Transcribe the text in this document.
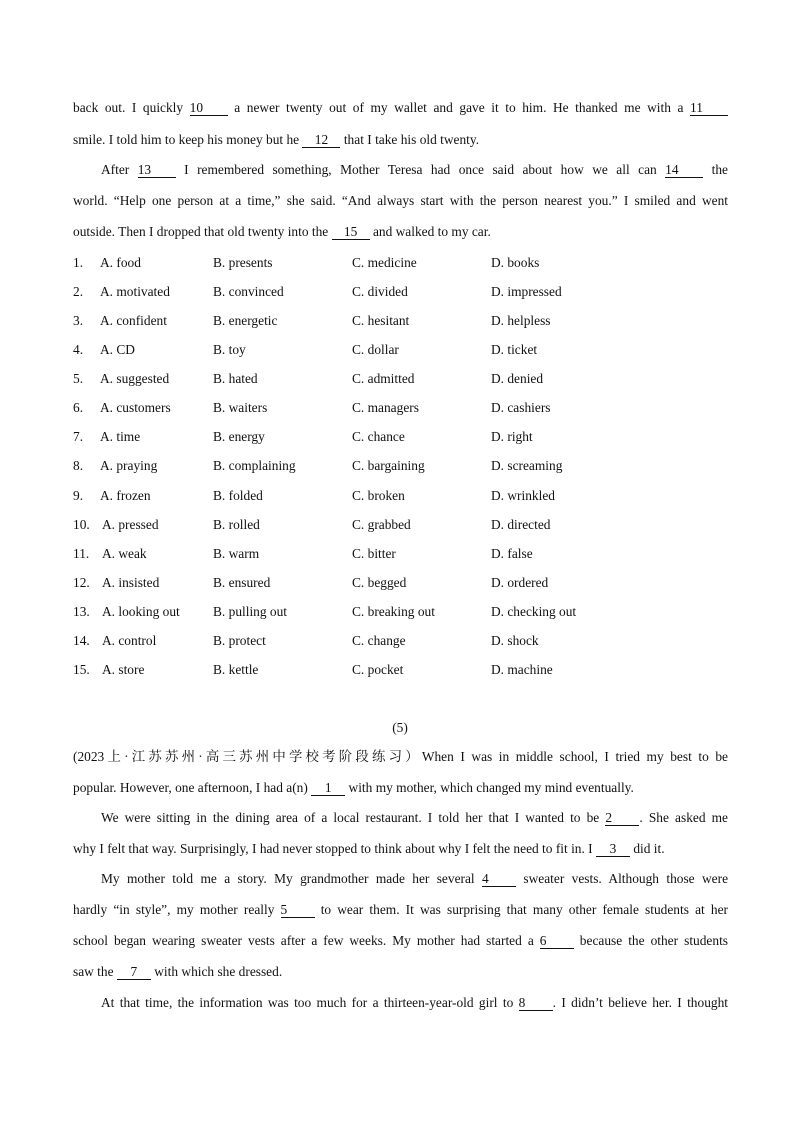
back out. I quickly 10 a newer twenty out of my wallet and gave it to him. He thanked me with a 11
smile. I told him to keep his money but he 12 that I take his old twenty.
After 13 I remembered something, Mother Teresa had once said about how we all can 14 the
world. “Help one person at a time,” she said. “And always start with the person nearest you.” I smiled and went
outside. Then I dropped that old twenty into the 15 and walked to my car.
1. A. food	B. presents	C. medicine	D. books
2. A. motivated	B. convinced	C. divided	D. impressed
3. A. confident	B. energetic	C. hesitant	D. helpless
4. A. CD	B. toy	C. dollar	D. ticket
5. A. suggested	B. hated	C. admitted	D. denied
6. A. customers	B. waiters	C. managers	D. cashiers
7. A. time	B. energy	C. chance	D. right
8. A. praying	B. complaining	C. bargaining	D. screaming
9. A. frozen	B. folded	C. broken	D. wrinkled
10. A. pressed	B. rolled	C. grabbed	D. directed
11. A. weak	B. warm	C. bitter	D. false
12. A. insisted	B. ensured	C. begged	D. ordered
13. A. looking out B. pulling out	C. breaking out	D. checking out
14. A. control	B. protect	C. change	D. shock
15. A. store	B. kettle	C. pocket	D. machine
(5)
(2023上·江苏苏州·高三苏州中学校考阶段练习）When I was in middle school, I tried my best to be
popular. However, one afternoon, I had a(n) 1 with my mother, which changed my mind eventually.
We were sitting in the dining area of a local restaurant. I told her that I wanted to be 2 . She asked me
why I felt that way. Surprisingly, I had never stopped to think about why I felt the need to fit in. I 3 did it.
My mother told me a story. My grandmother made her several 4 sweater vests. Although those were
hardly “in style”, my mother really 5 to wear them. It was surprising that many other female students at her
school began wearing sweater vests after a few weeks. My mother had started a 6 because the other students
saw the 7 with which she dressed.
At that time, the information was too much for a thirteen-year-old girl to 8 . I didn’t believe her. I thought
